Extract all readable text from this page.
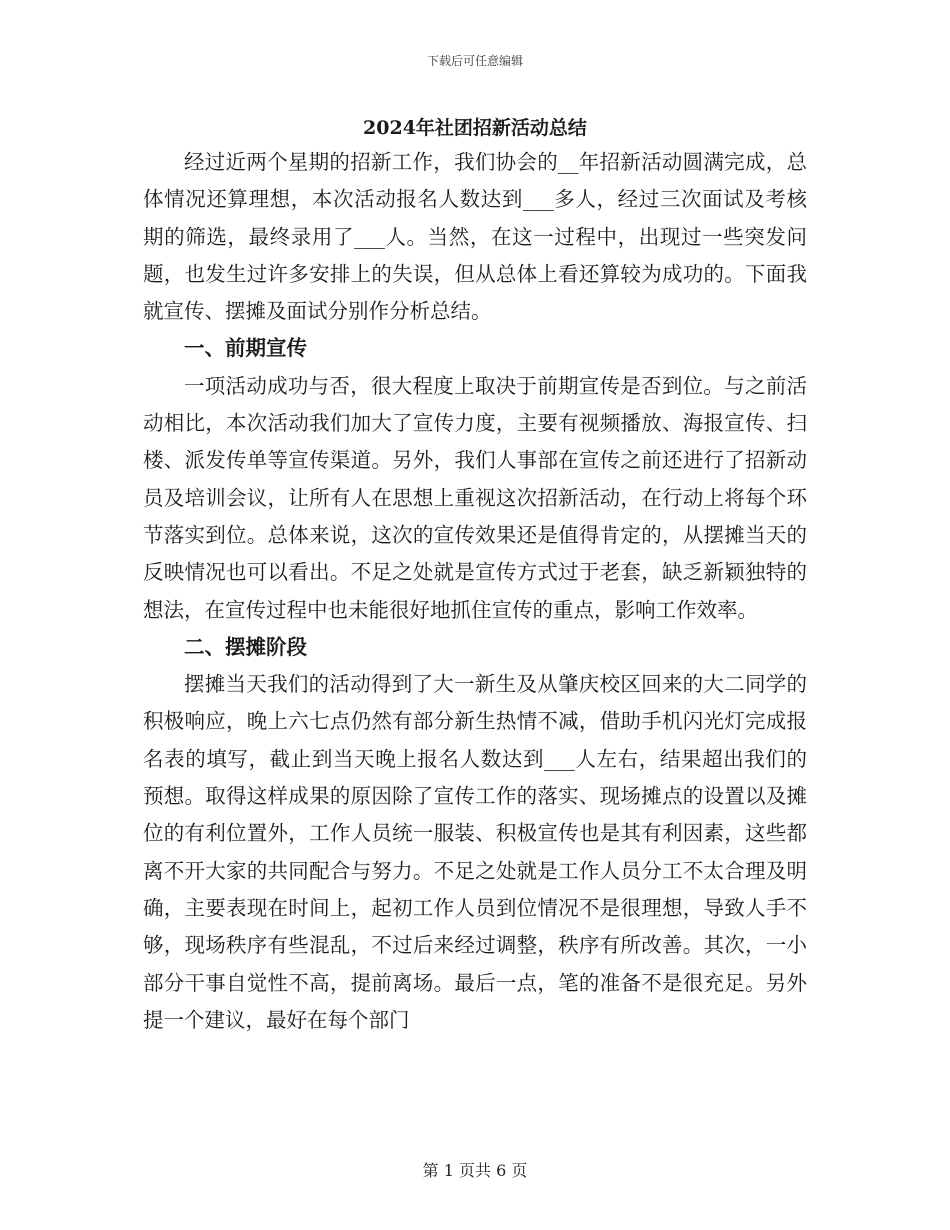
下载后可任意编辑
2024年社团招新活动总结

经过近两个星期的招新工作，我们协会的__年招新活动圆满完成，总体情况还算理想，本次活动报名人数达到___多人，经过三次面试及考核期的筛选，最终录用了___人。当然，在这一过程中，出现过一些突发问题，也发生过许多安排上的失误，但从总体上看还算较为成功的。下面我就宣传、摆摊及面试分别作分析总结。

一、前期宣传

一项活动成功与否，很大程度上取决于前期宣传是否到位。与之前活动相比，本次活动我们加大了宣传力度，主要有视频播放、海报宣传、扫楼、派发传单等宣传渠道。另外，我们人事部在宣传之前还进行了招新动员及培训会议，让所有人在思想上重视这次招新活动，在行动上将每个环节落实到位。总体来说，这次的宣传效果还是值得肯定的，从摆摊当天的反映情况也可以看出。不足之处就是宣传方式过于老套，缺乏新颖独特的想法，在宣传过程中也未能很好地抓住宣传的重点，影响工作效率。

二、摆摊阶段

摆摊当天我们的活动得到了大一新生及从肇庆校区回来的大二同学的积极响应，晚上六七点仍然有部分新生热情不减，借助手机闪光灯完成报名表的填写，截止到当天晚上报名人数达到___人左右，结果超出我们的预想。取得这样成果的原因除了宣传工作的落实、现场摊点的设置以及摊位的有利位置外，工作人员统一服装、积极宣传也是其有利因素，这些都离不开大家的共同配合与努力。不足之处就是工作人员分工不太合理及明确，主要表现在时间上，起初工作人员到位情况不是很理想，导致人手不够，现场秩序有些混乱，不过后来经过调整，秩序有所改善。其次，一小部分干事自觉性不高，提前离场。最后一点，笔的准备不是很充足。另外提一个建议，最好在每个部门

第 1 页共 6 页
